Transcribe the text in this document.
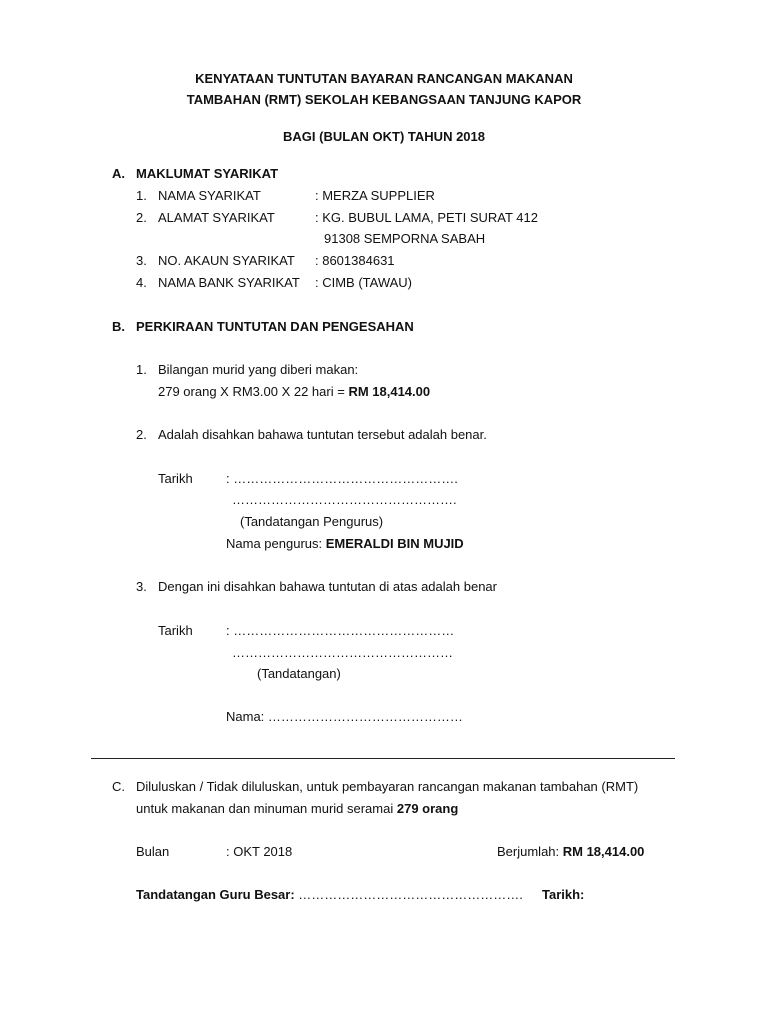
KENYATAAN TUNTUTAN BAYARAN RANCANGAN MAKANAN
TAMBAHAN (RMT) SEKOLAH KEBANGSAAN TANJUNG KAPOR
BAGI (BULAN OKT) TAHUN 2018
A. MAKLUMAT SYARIKAT
1. NAMA SYARIKAT	: MERZA SUPPLIER
2. ALAMAT SYARIKAT	: KG. BUBUL LAMA, PETI SURAT 412
91308 SEMPORNA SABAH
3. NO. AKAUN SYARIKAT : 8601384631
4. NAMA BANK SYARIKAT : CIMB (TAWAU)
B. PERKIRAAN TUNTUTAN DAN PENGESAHAN
1. Bilangan murid yang diberi makan:
279 orang X RM3.00 X 22 hari = RM 18,414.00
2. Adalah disahkan bahawa tuntutan tersebut adalah benar.
Tarikh	: …………………………………………….
…………………………………………….
(Tandatangan Pengurus)
Nama pengurus: EMERALDI BIN MUJID
3. Dengan ini disahkan bahawa tuntutan di atas adalah benar
Tarikh	: ……………………………………………
……………………………………………
(Tandatangan)
Nama: ………………………………………
C. Diluluskan / Tidak diluluskan, untuk pembayaran rancangan makanan tambahan (RMT)
untuk makanan dan minuman murid seramai 279 orang
Bulan	: OKT 2018	Berjumlah: RM 18,414.00
Tandatangan Guru Besar: ……………………………………………. Tarikh:
